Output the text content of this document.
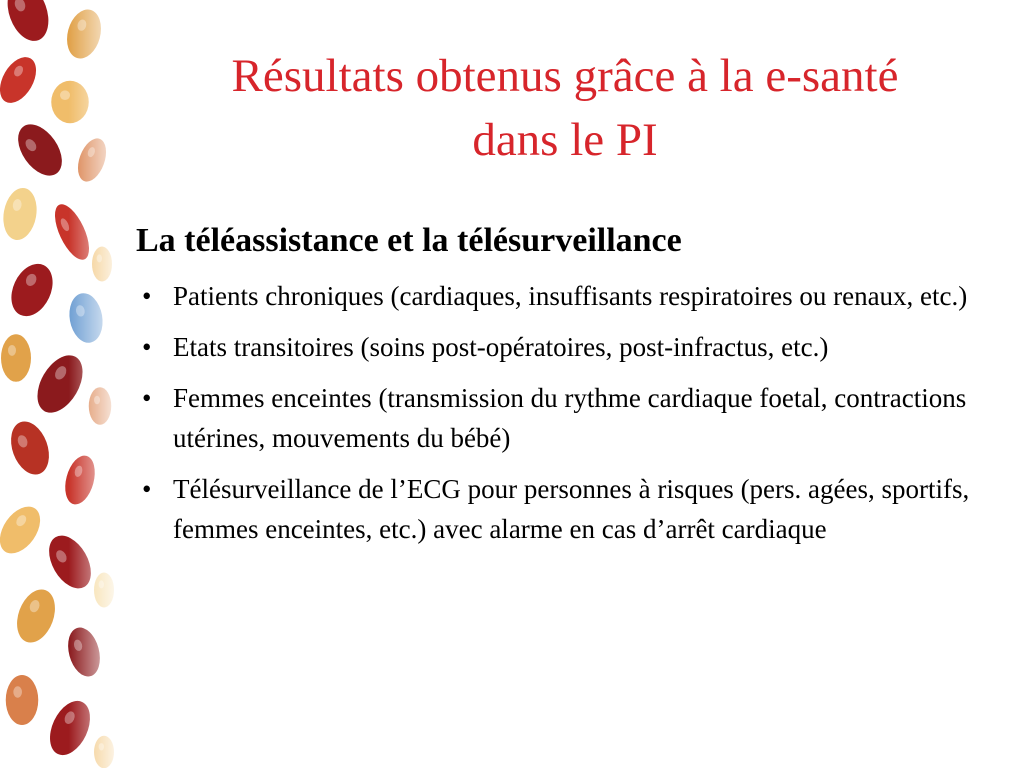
Résultats obtenus grâce à la e-santé
dans le PI
La téléassistance et la télésurveillance
• Patients chroniques (cardiaques, insuffisants respiratoires ou renaux, etc.)
• Etats transitoires (soins post-opératoires, post-infractus, etc.)
• Femmes enceintes (transmission du rythme cardiaque foetal, contractions utérines, mouvements du bébé)
• Télésurveillance de l’ECG pour personnes à risques (pers. agées, sportifs, femmes enceintes, etc.) avec alarme en cas d’arrêt cardiaque
